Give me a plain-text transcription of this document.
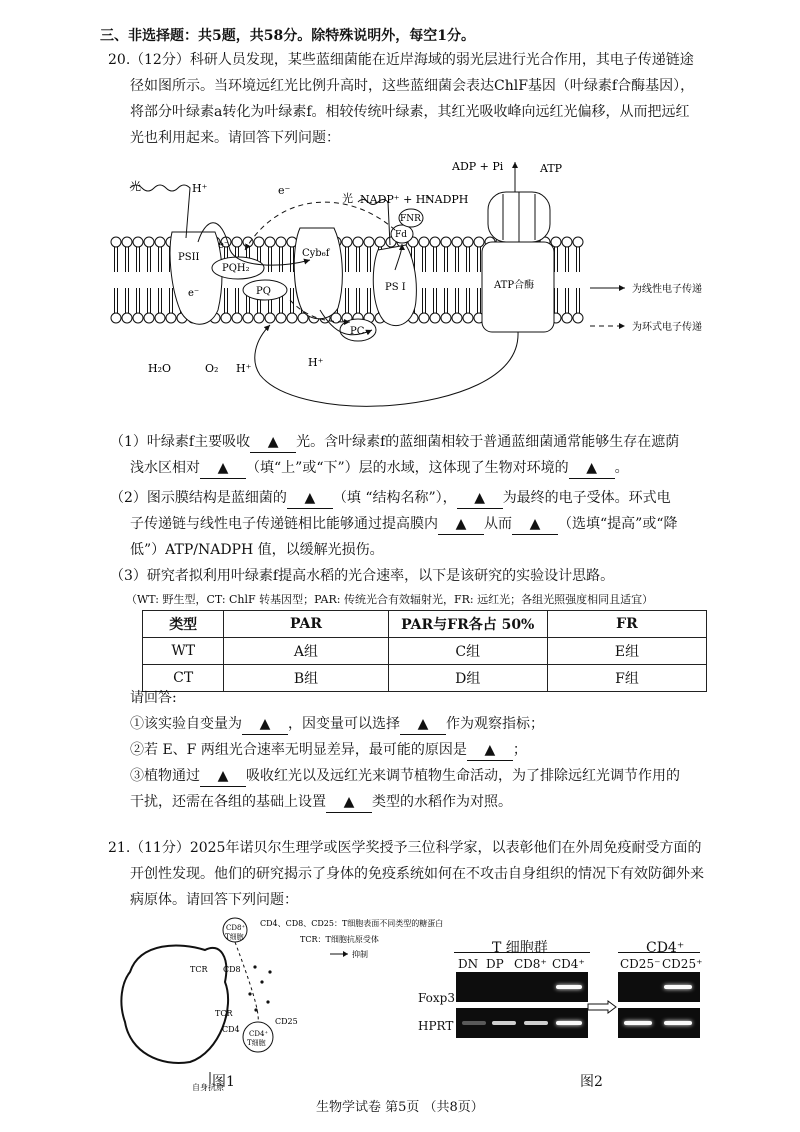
三、非选择题：共5题，共58分。除特殊说明外，每空1分。
20. （12分）科研人员发现，某些蓝细菌能在近岸海域的弱光层进行光合作用，其电子传递链途
径如图所示。当环境远红光比例升高时，这些蓝细菌会表达ChlF基因（叶绿素f合酶基因），
将部分叶绿素a转化为叶绿素f。相较传统叶绿素，其红光吸收峰向远红光偏移，从而把远红
光也利用起来。请回答下列问题：
光
光
H⁺	e⁻
NADP⁺ + H⁺
NADPH
ADP + Pi	ATP
FNR
Fd
PSII	Cyb₆f
PS I
PQH₂
PQ
PC
ATP合酶
e⁻
e⁻
H₂O	O₂ H⁺	H⁺
为线性电子传递
为环式电子传递
（1）叶绿素f主要吸收 ▲ 光。含叶绿素f的蓝细菌相较于普通蓝细菌通常能够生存在遮荫
浅水区相对 ▲ （填“上”或“下”）层的水域，这体现了生物对环境的 ▲ 。
（2）图示膜结构是蓝细菌的 ▲ （填 “结构名称”）， ▲ 为最终的电子受体。环式电
子传递链与线性电子传递链相比能够通过提高膜内 ▲ 从而 ▲ （选填“提高”或“降
低”）ATP/NADPH 值，以缓解光损伤。
（3）研究者拟利用叶绿素f提高水稻的光合速率，以下是该研究的实验设计思路。
（WT: 野生型，CT: ChlF 转基因型；PAR: 传统光合有效辐射光，FR: 远红光；各组光照强度相同且适宜）
类型	PAR	PAR与FR各占 50%	FR
WT	A组	C组	E组
CT	B组	D组	F组
请回答:
①该实验自变量为 ▲ ，因变量可以选择 ▲ 作为观察指标；
②若 E、F 两组光合速率无明显差异，最可能的原因是 ▲ ；
③植物通过 ▲ 吸收红光以及远红光来调节植物生命活动，为了排除远红光调节作用的
干扰，还需在各组的基础上设置 ▲ 类型的水稻作为对照。
21. （11分）2025年诺贝尔生理学或医学奖授予三位科学家，以表彰他们在外周免疫耐受方面的
开创性发现。他们的研究揭示了身体的免疫系统如何在不攻击自身组织的情况下有效防御外来
病原体。请回答下列问题：
CD4、CD8、CD25：T细胞表面不同类型的糖蛋白
TCR：T细胞抗原受体
抑制
CD8⁺
T细胞
TCR CD8
TCR
CD4 CD4⁺
T细胞
CD25
自身抗原
图1
T 细胞群
DN DP CD8⁺ CD4⁺
CD4⁺
CD25⁻ CD25⁺
Foxp3
HPRT
图2
生物学试卷 第5页 （共8页）
